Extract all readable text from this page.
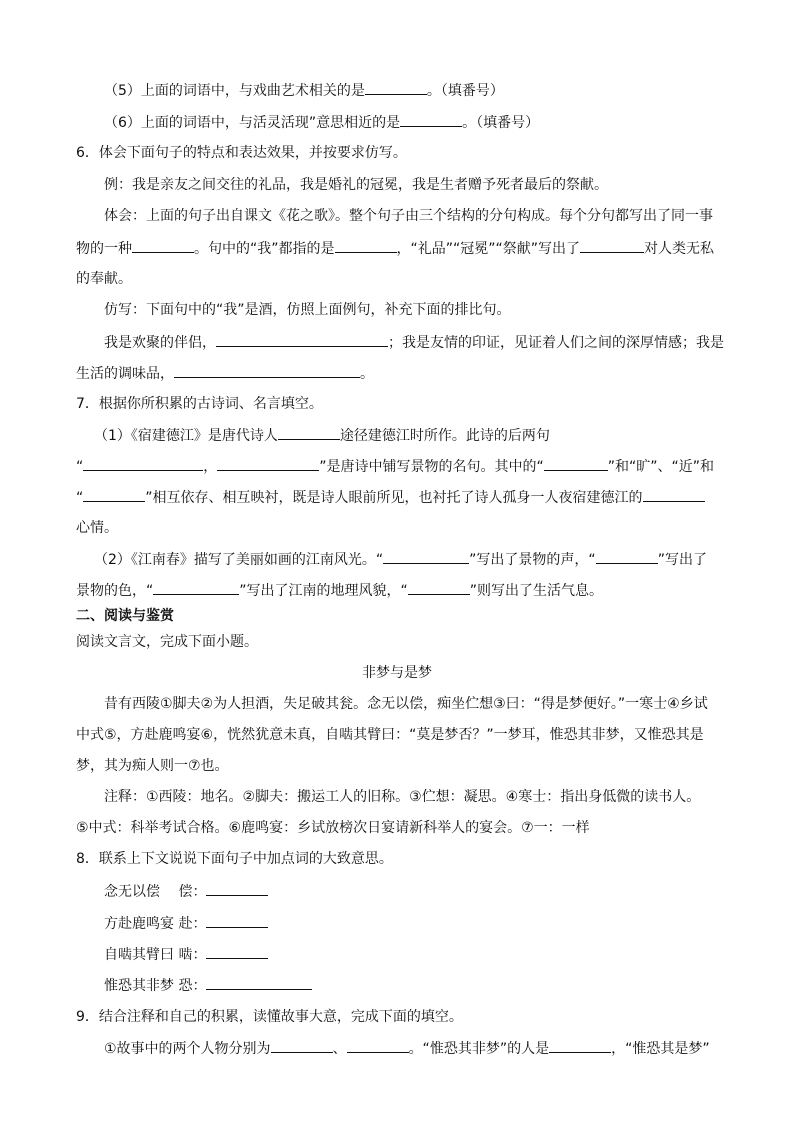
（5）上面的词语中，与戏曲艺术相关的是	。（填番号）
（6）上面的词语中，与活灵活现”意思相近的是	。（填番号）
6．体会下面句子的特点和表达效果，并按要求仿写。
例：我是亲友之间交往的礼品，我是婚礼的冠冕，我是生者赠予死者最后的祭献。
体会：上面的句子出自课文《花之歌》。整个句子由三个结构的分句构成。每个分句都写出了同一事
物的一种	。句中的“我”都指的是	，“礼品”“冠冕”“祭献”写出了	对人类无私
的奉献。
仿写：下面句中的“我”是酒，仿照上面例句，补充下面的排比句。
我是欢聚的伴侣，	；我是友情的印证，见证着人们之间的深厚情感；我是
生活的调味品，	。
7．根据你所积累的古诗词、名言填空。
（1）《宿建德江》是唐代诗人	途径建德江时所作。此诗的后两句
“	，	”是唐诗中铺写景物的名句。其中的“	”和“旷”、“近”和
“	”相互依存、相互映衬，既是诗人眼前所见，也衬托了诗人孤身一人夜宿建德江的
心情。
（2）《江南春》描写了美丽如画的江南风光。“	”写出了景物的声，“	”写出了
景物的色，“	”写出了江南的地理风貌，“	”则写出了生活气息。
二、阅读与鉴赏
阅读文言文，完成下面小题。
非梦与是梦
昔有西陵①脚夫②为人担酒，失足破其瓮。念无以偿，痴坐伫想③曰：“得是梦便好。”一寒士④乡试
中式⑤，方赴鹿鸣宴⑥，恍然犹意未真，自啮其臂曰：“莫是梦否？”一梦耳，惟恐其非梦，又惟恐其是
梦，其为痴人则一⑦也。
注释：①西陵：地名。②脚夫：搬运工人的旧称。③伫想：凝思。④寒士：指出身低微的读书人。
⑤中式：科举考试合格。⑥鹿鸣宴：乡试放榜次日宴请新科举人的宴会。⑦一：一样
8．联系上下文说说下面句子中加点词的大致意思。
念无以偿　 偿：
方赴鹿鸣宴 赴：
自啮其臂曰 啮：
惟恐其非梦 恐：
9．结合注释和自己的积累，读懂故事大意，完成下面的填空。
①故事中的两个人物分别为	、	。“惟恐其非梦”的人是	，“惟恐其是梦”
